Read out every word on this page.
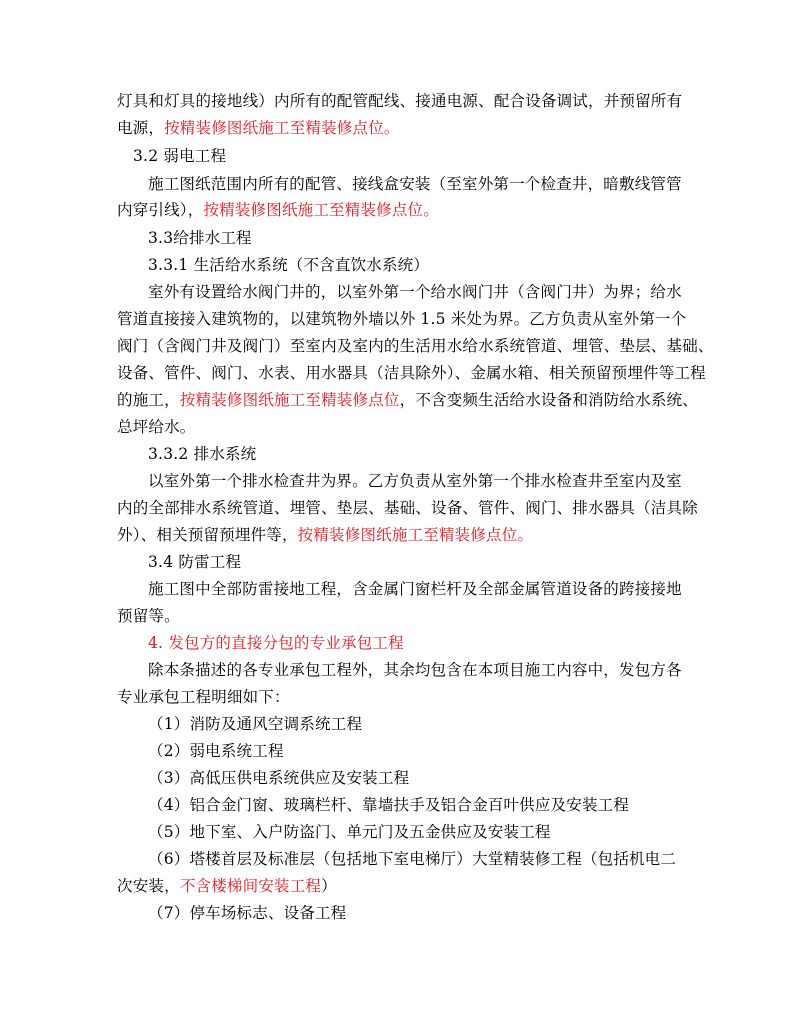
灯具和灯具的接地线）内所有的配管配线、接通电源、配合设备调试，并预留所有
电源，按精装修图纸施工至精装修点位。
3.2 弱电工程
施工图纸范围内所有的配管、接线盒安装（至室外第一个检查井，暗敷线管管
内穿引线），按精装修图纸施工至精装修点位。
3.3给排水工程
3.3.1 生活给水系统（不含直饮水系统）
室外有设置给水阀门井的，以室外第一个给水阀门井（含阀门井）为界；给水
管道直接接入建筑物的，以建筑物外墙以外 1.5 米处为界。乙方负责从室外第一个
阀门（含阀门井及阀门）至室内及室内的生活用水给水系统管道、埋管、垫层、基础、
设备、管件、阀门、水表、用水器具（洁具除外）、金属水箱、相关预留预埋件等工程
的施工，按精装修图纸施工至精装修点位，不含变频生活给水设备和消防给水系统、
总坪给水。
3.3.2 排水系统
以室外第一个排水检查井为界。乙方负责从室外第一个排水检查井至室内及室
内的全部排水系统管道、埋管、垫层、基础、设备、管件、阀门、排水器具（洁具除
外）、相关预留预埋件等，按精装修图纸施工至精装修点位。
3.4 防雷工程
施工图中全部防雷接地工程，含金属门窗栏杆及全部金属管道设备的跨接接地
预留等。
4. 发包方的直接分包的专业承包工程
除本条描述的各专业承包工程外，其余均包含在本项目施工内容中，发包方各
专业承包工程明细如下：
（1）消防及通风空调系统工程
（2）弱电系统工程
（3）高低压供电系统供应及安装工程
（4）铝合金门窗、玻璃栏杆、靠墙扶手及铝合金百叶供应及安装工程
（5）地下室、入户防盗门、单元门及五金供应及安装工程
（6）塔楼首层及标准层（包括地下室电梯厅）大堂精装修工程（包括机电二
次安装，不含楼梯间安装工程）
（7）停车场标志、设备工程
